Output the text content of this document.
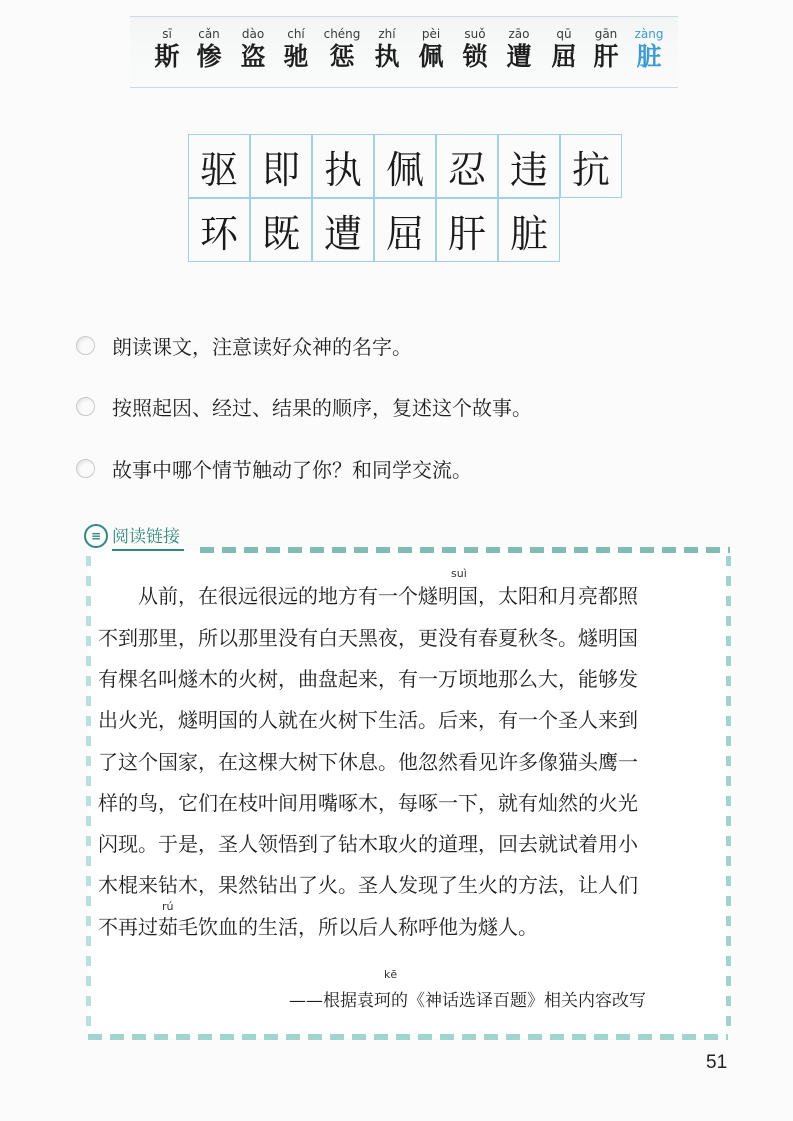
sī
斯
cǎn
惨
dào
盗
chí
驰
chéng
惩
zhí
执
pèi
佩
suǒ
锁
zāo
遭
qū
屈
gān
肝
zàng
脏
驱 即 执 佩 忍 违 抗
环 既 遭 屈 肝 脏
朗读课文，注意读好众神的名字。
按照起因、经过、结果的顺序，复述这个故事。
故事中哪个情节触动了你？和同学交流。
≡ 阅读链接
suì
从前，在很远很远的地方有一个燧明国，太阳和月亮都照
不到那里，所以那里没有白天黑夜，更没有春夏秋冬。燧明国
有棵名叫燧木的火树，曲盘起来，有一万顷地那么大，能够发
出火光，燧明国的人就在火树下生活。后来，有一个圣人来到
了这个国家，在这棵大树下休息。他忽然看见许多像猫头鹰一
样的鸟，它们在枝叶间用嘴啄木，每啄一下，就有灿然的火光
闪现。于是，圣人领悟到了钻木取火的道理，回去就试着用小
木棍来钻木，果然钻出了火。圣人发现了生火的方法，让人们
rú
不再过茹毛饮血的生活，所以后人称呼他为燧人。
kē
——根据袁珂的《神话选译百题》相关内容改写
51
